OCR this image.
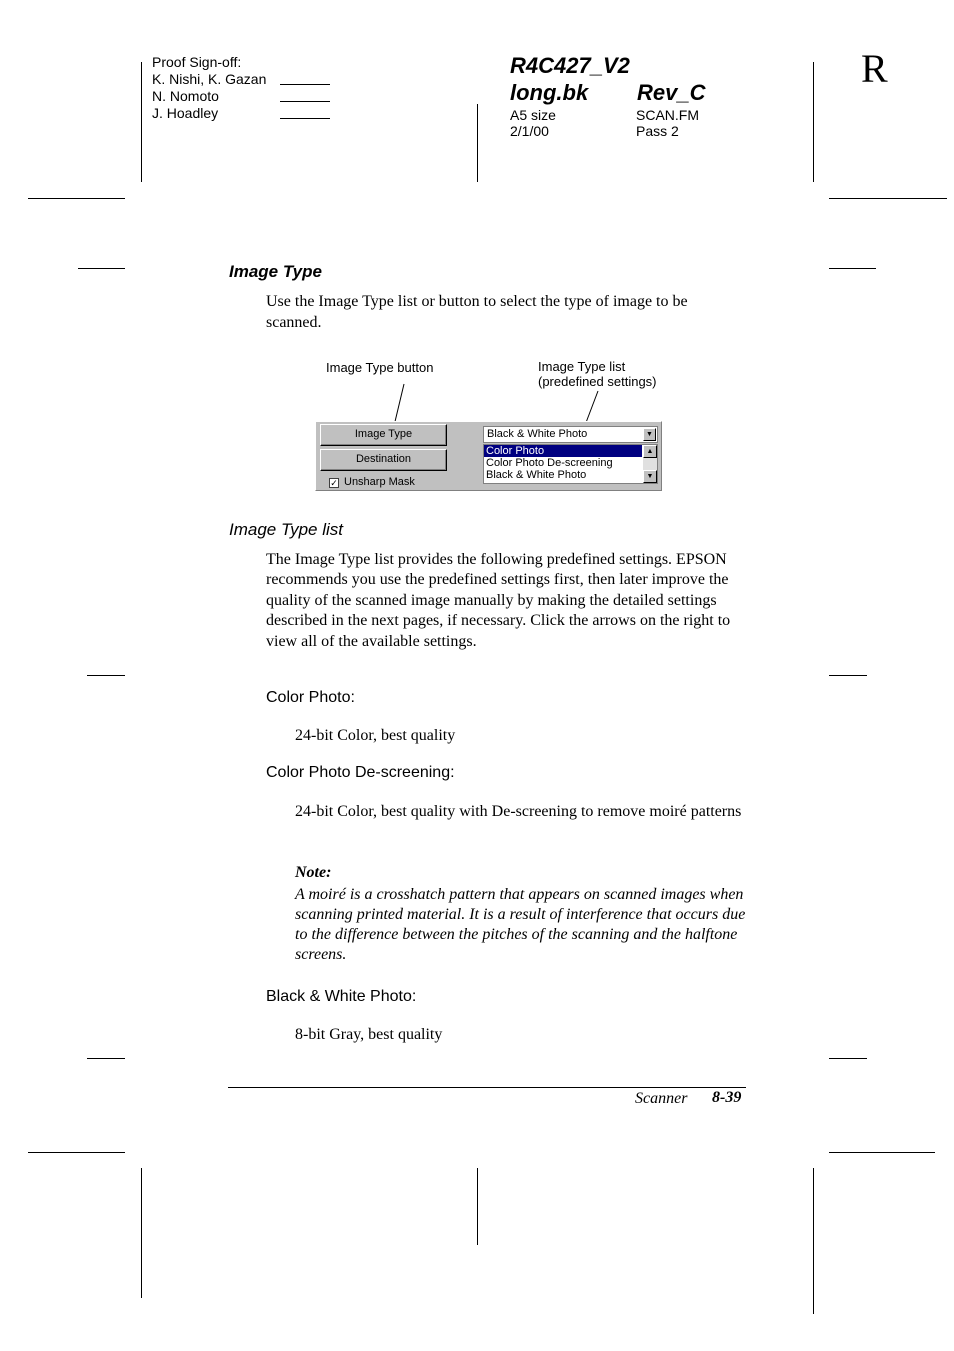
Proof Sign-off:
K. Nishi, K. Gazan
N. Nomoto
J. Hoadley
R4C427_V2
long.bk Rev_C
A5 size	SCAN.FM
2/1/00	Pass 2
R
Image Type
Use the Image Type list or button to select the type of image to be scanned.
Image Type button	Image Type list
(predefined settings)
Image Type
Destination
✓ Unsharp Mask
Black & White Photo	▼
Color Photo
Color Photo De-screening
Black & White Photo
▲
▼
Image Type list
The Image Type list provides the following predefined settings. EPSON recommends you use the predefined settings first, then later improve the quality of the scanned image manually by making the detailed settings described in the next pages, if necessary. Click the arrows on the right to view all of the available settings.
Color Photo:
24-bit Color, best quality
Color Photo De-screening:
24-bit Color, best quality with De-screening to remove moiré patterns
Note:
A moiré is a crosshatch pattern that appears on scanned images when scanning printed material. It is a result of interference that occurs due to the difference between the pitches of the scanning and the halftone screens.
Black & White Photo:
8-bit Gray, best quality
Scanner 8-39
